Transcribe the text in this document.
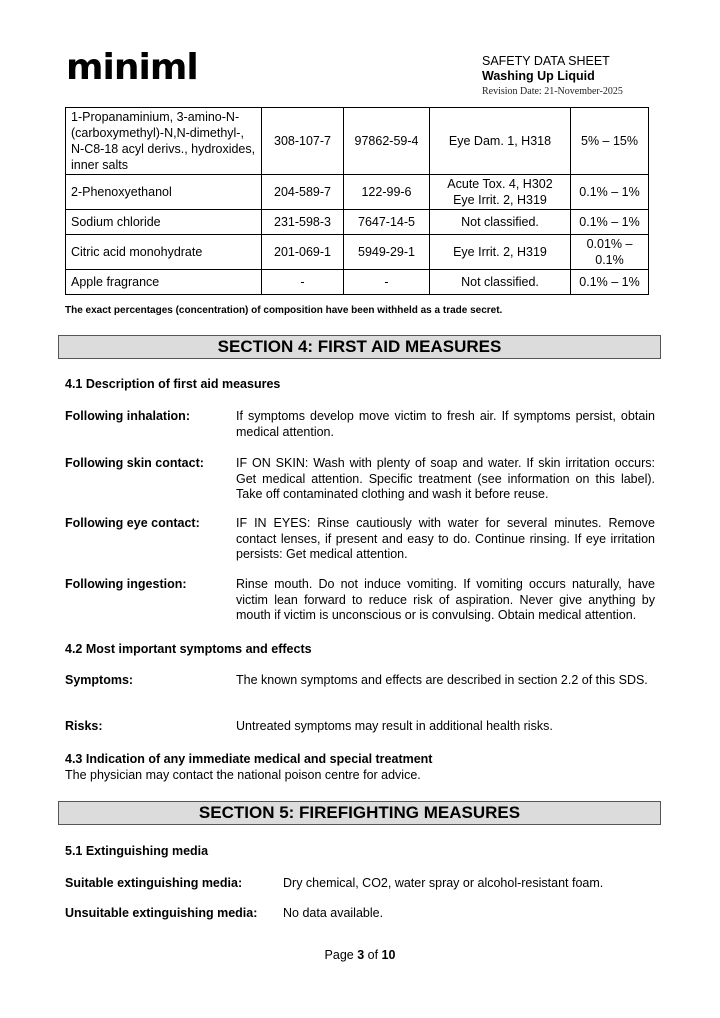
miniml	SAFETY DATA SHEET
Washing Up Liquid
Revision Date: 21-November-2025
1-Propanaminium, 3-amino-N-(carboxymethyl)-N,N-dimethyl-, N-C8-18 acyl derivs., hydroxides, inner salts	308-107-7	97862-59-4	Eye Dam. 1, H318	5% – 15%
2-Phenoxyethanol	204-589-7	122-99-6	Acute Tox. 4, H302 Eye Irrit. 2, H319	0.1% – 1%
Sodium chloride	231-598-3	7647-14-5	Not classified.	0.1% – 1%
Citric acid monohydrate	201-069-1	5949-29-1	Eye Irrit. 2, H319	0.01% – 0.1%
Apple fragrance	-	-	Not classified.	0.1% – 1%
The exact percentages (concentration) of composition have been withheld as a trade secret.
SECTION 4: FIRST AID MEASURES
4.1 Description of first aid measures
Following inhalation:	If symptoms develop move victim to fresh air. If symptoms persist, obtain medical attention.
Following skin contact:	IF ON SKIN: Wash with plenty of soap and water. If skin irritation occurs: Get medical attention. Specific treatment (see information on this label). Take off contaminated clothing and wash it before reuse.
Following eye contact:	IF IN EYES: Rinse cautiously with water for several minutes. Remove contact lenses, if present and easy to do. Continue rinsing. If eye irritation persists: Get medical attention.
Following ingestion:	Rinse mouth. Do not induce vomiting. If vomiting occurs naturally, have victim lean forward to reduce risk of aspiration. Never give anything by mouth if victim is unconscious or is convulsing. Obtain medical attention.
4.2 Most important symptoms and effects
Symptoms:	The known symptoms and effects are described in section 2.2 of this SDS.
Risks:	Untreated symptoms may result in additional health risks.
4.3 Indication of any immediate medical and special treatment
The physician may contact the national poison centre for advice.
SECTION 5: FIREFIGHTING MEASURES
5.1 Extinguishing media
Suitable extinguishing media:	Dry chemical, CO2, water spray or alcohol-resistant foam.
Unsuitable extinguishing media: No data available.
Page 3 of 10
